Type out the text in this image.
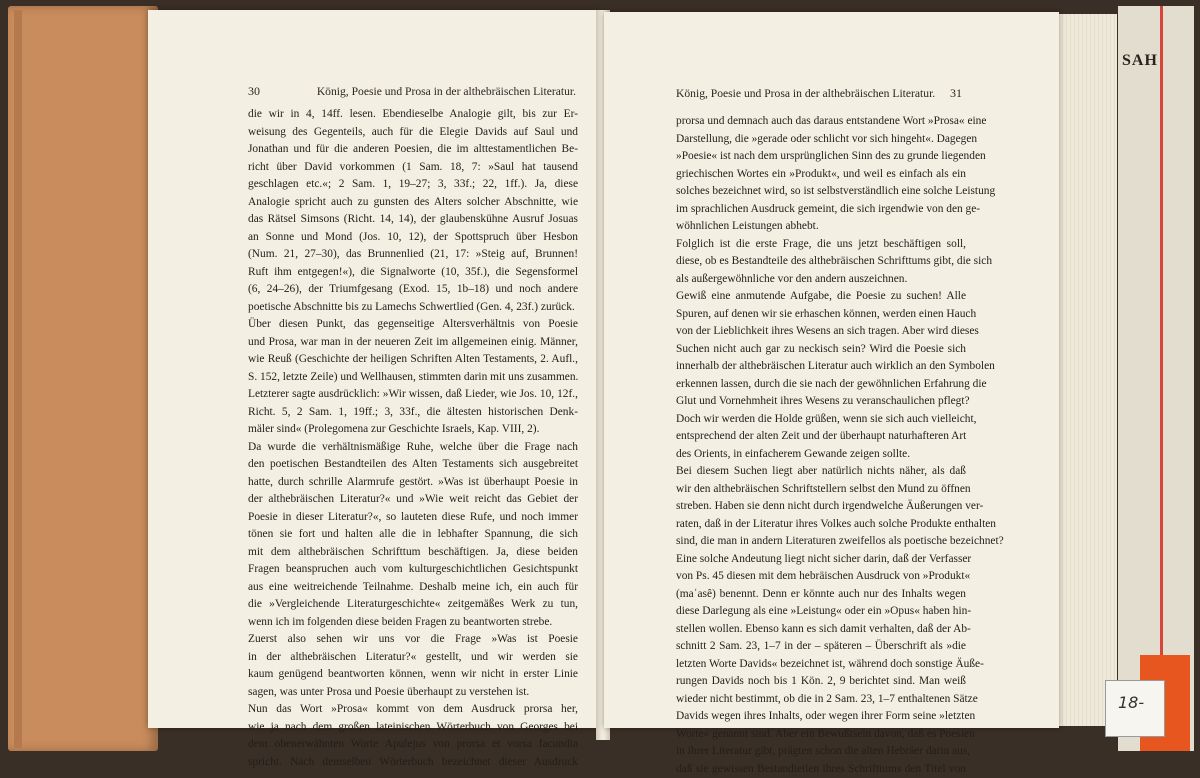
SAH
18-
30	König, Poesie und Prosa in der althebräischen Literatur.
die wir in 4, 14ff. lesen. Ebendieselbe Analogie gilt, bis zur Er-
weisung des Gegenteils, auch für die Elegie Davids auf Saul und
Jonathan und für die anderen Poesien, die im alttestamentlichen Be-
richt über David vorkommen (1 Sam. 18, 7: »Saul hat tausend
geschlagen etc.«; 2 Sam. 1, 19–27; 3, 33f.; 22, 1ff.). Ja, diese
Analogie spricht auch zu gunsten des Alters solcher Abschnitte, wie
das Rätsel Simsons (Richt. 14, 14), der glaubenskühne Ausruf Josuas
an Sonne und Mond (Jos. 10, 12), der Spottspruch über Hesbon
(Num. 21, 27–30), das Brunnenlied (21, 17: »Steig auf, Brunnen!
Ruft ihm entgegen!«), die Signalworte (10, 35f.), die Segensformel
(6, 24–26), der Triumfgesang (Exod. 15, 1b–18) und noch andere
poetische Abschnitte bis zu Lamechs Schwertlied (Gen. 4, 23f.) zurück.
Über diesen Punkt, das gegenseitige Altersverhältnis von Poesie
und Prosa, war man in der neueren Zeit im allgemeinen einig. Männer,
wie Reuß (Geschichte der heiligen Schriften Alten Testaments, 2. Aufl.,
S. 152, letzte Zeile) und Wellhausen, stimmten darin mit uns zusammen.
Letzterer sagte ausdrücklich: »Wir wissen, daß Lieder, wie Jos. 10, 12f.,
Richt. 5, 2 Sam. 1, 19ff.; 3, 33f., die ältesten historischen Denk-
mäler sind« (Prolegomena zur Geschichte Israels, Kap. VIII, 2).
Da wurde die verhältnismäßige Ruhe, welche über die Frage nach
den poetischen Bestandteilen des Alten Testaments sich ausgebreitet
hatte, durch schrille Alarmrufe gestört. »Was ist überhaupt Poesie in
der althebräischen Literatur?« und »Wie weit reicht das Gebiet der
Poesie in dieser Literatur?«, so lauteten diese Rufe, und noch immer
tönen sie fort und halten alle die in lebhafter Spannung, die sich
mit dem althebräischen Schrifttum beschäftigen. Ja, diese beiden
Fragen beanspruchen auch vom kulturgeschichtlichen Gesichtspunkt
aus eine weitreichende Teilnahme. Deshalb meine ich, ein auch für
die »Vergleichende Literaturgeschichte« zeitgemäßes Werk zu tun,
wenn ich im folgenden diese beiden Fragen zu beantworten strebe.
Zuerst also sehen wir uns vor die Frage »Was ist Poesie
in der althebräischen Literatur?« gestellt, und wir werden sie
kaum genügend beantworten können, wenn wir nicht in erster Linie
sagen, was unter Prosa und Poesie überhaupt zu verstehen ist.
Nun das Wort »Prosa« kommt von dem Ausdruck prorsa her,
wie ja nach dem großen lateinischen Wörterbuch von Georges bei
dem obenerwähnten Worte Apulejus von prorsa et vorsa facundia
spricht. Nach demselben Wörterbuch bezeichnet dieser Ausdruck
König, Poesie und Prosa in der althebräischen Literatur. 31
prorsa und demnach auch das daraus entstandene Wort »Prosa« eine
Darstellung, die »gerade oder schlicht vor sich hingeht«. Dagegen
»Poesie« ist nach dem ursprünglichen Sinn des zu grunde liegenden
griechischen Wortes ein »Produkt«, und weil es einfach als ein
solches bezeichnet wird, so ist selbstverständlich eine solche Leistung
im sprachlichen Ausdruck gemeint, die sich irgendwie von den ge-
wöhnlichen Leistungen abhebt.
Folglich ist die erste Frage, die uns jetzt beschäftigen soll,
diese, ob es Bestandteile des althebräischen Schrifttums gibt, die sich
als außergewöhnliche vor den andern auszeichnen.
Gewiß eine anmutende Aufgabe, die Poesie zu suchen! Alle
Spuren, auf denen wir sie erhaschen können, werden einen Hauch
von der Lieblichkeit ihres Wesens an sich tragen. Aber wird dieses
Suchen nicht auch gar zu neckisch sein? Wird die Poesie sich
innerhalb der althebräischen Literatur auch wirklich an den Symbolen
erkennen lassen, durch die sie nach der gewöhnlichen Erfahrung die
Glut und Vornehmheit ihres Wesens zu veranschaulichen pflegt?
Doch wir werden die Holde grüßen, wenn sie sich auch vielleicht,
entsprechend der alten Zeit und der überhaupt naturhafteren Art
des Orients, in einfacherem Gewande zeigen sollte.
Bei diesem Suchen liegt aber natürlich nichts näher, als daß
wir den althebräischen Schriftstellern selbst den Mund zu öffnen
streben. Haben sie denn nicht durch irgendwelche Äußerungen ver-
raten, daß in der Literatur ihres Volkes auch solche Produkte enthalten
sind, die man in andern Literaturen zweifellos als poetische bezeichnet?
Eine solche Andeutung liegt nicht sicher darin, daß der Verfasser
von Ps. 45 diesen mit dem hebräischen Ausdruck von »Produkt«
(maʿasê) benennt. Denn er könnte auch nur des Inhalts wegen
diese Darlegung als eine »Leistung« oder ein »Opus« haben hin-
stellen wollen. Ebenso kann es sich damit verhalten, daß der Ab-
schnitt 2 Sam. 23, 1–7 in der – späteren – Überschrift als »die
letzten Worte Davids« bezeichnet ist, während doch sonstige Äuße-
rungen Davids noch bis 1 Kön. 2, 9 berichtet sind. Man weiß
wieder nicht bestimmt, ob die in 2 Sam. 23, 1–7 enthaltenen Sätze
Davids wegen ihres Inhalts, oder wegen ihrer Form seine »letzten
Worte« genannt sind. Aber ein Bewußtsein davon, daß es Poesien
in ihrer Literatur gibt, prägten schon die alten Hebräer darin aus,
daß sie gewissen Bestandteilen ihres Schrifttums den Titel von
